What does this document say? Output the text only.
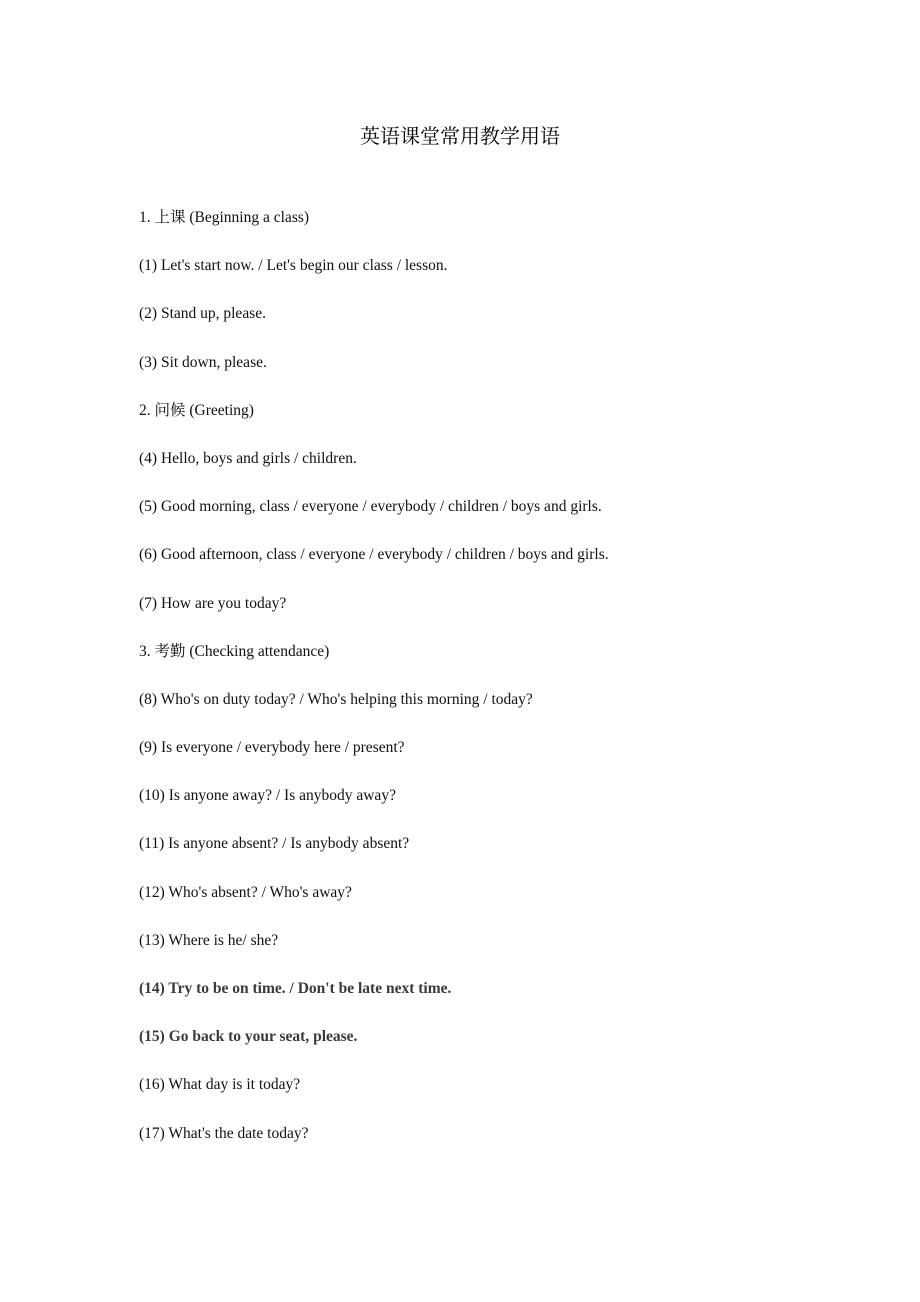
英语课堂常用教学用语
1. 上课 (Beginning a class)
(1) Let's start now. / Let's begin our class / lesson.
(2) Stand up, please.
(3) Sit down, please.
2. 问候 (Greeting)
(4) Hello, boys and girls / children.
(5) Good morning, class / everyone / everybody / children / boys and girls.
(6) Good afternoon, class / everyone / everybody / children / boys and girls.
(7) How are you today?
3. 考勤 (Checking attendance)
(8) Who's on duty today? / Who's helping this morning / today?
(9) Is everyone / everybody here / present?
(10) Is anyone away? / Is anybody away?
(11) Is anyone absent? / Is anybody absent?
(12) Who's absent? / Who's away?
(13) Where is he/ she?
(14) Try to be on time. / Don't be late next time.
(15) Go back to your seat, please.
(16) What day is it today?
(17) What's the date today?
